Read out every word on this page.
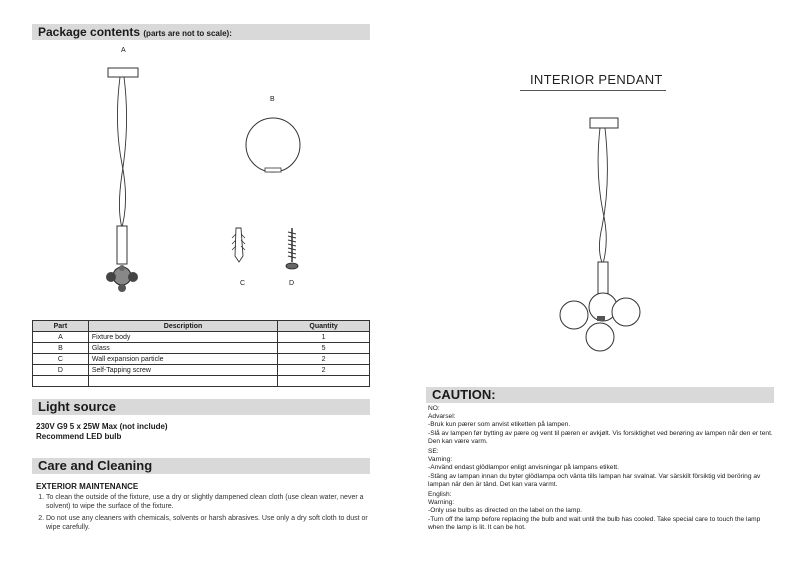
Package contents (parts are not to scale):
A
B
C	D
Part	Description	Quantity
A	Fixture body	1
B	Glass	5
C	Wall expansion particle	2
D	Self-Tapping screw	2

Light source
230V G9 5 x 25W Max (not include)
Recommend LED bulb
Care and Cleaning
EXTERIOR MAINTENANCE
1. To clean the outside of the fixture, use a dry or slightly dampened clean cloth (use clean water, never a solvent) to wipe the surface of the fixture.
2. Do not use any cleaners with chemicals, solvents or harsh abrasives. Use only a dry soft cloth to dust or wipe carefully.
INTERIOR PENDANT
CAUTION:
NO:
Advarsel:
-Bruk kun pærer som anvist etiketten på lampen.
-Slå av lampen før bytting av pære og vent til pæren er avkjølt. Vis forsiktighet ved berøring av lampen når den er tent. Den kan være varm.
SE:
Varning:
-Använd endast glödlampor enligt anvisningar på lampans etikett.
-Stäng av lampan innan du byter glödlampa och vänta tills lampan har svalnat. Var särskilt försiktig vid beröring av lampan när den är tänd. Det kan vara varmt.
English:
Warning:
-Only use bulbs as directed on the label on the lamp.
-Turn off the lamp before replacing the bulb and wait until the bulb has cooled. Take special care to touch the lamp when the lamp is lit. It can be hot.
